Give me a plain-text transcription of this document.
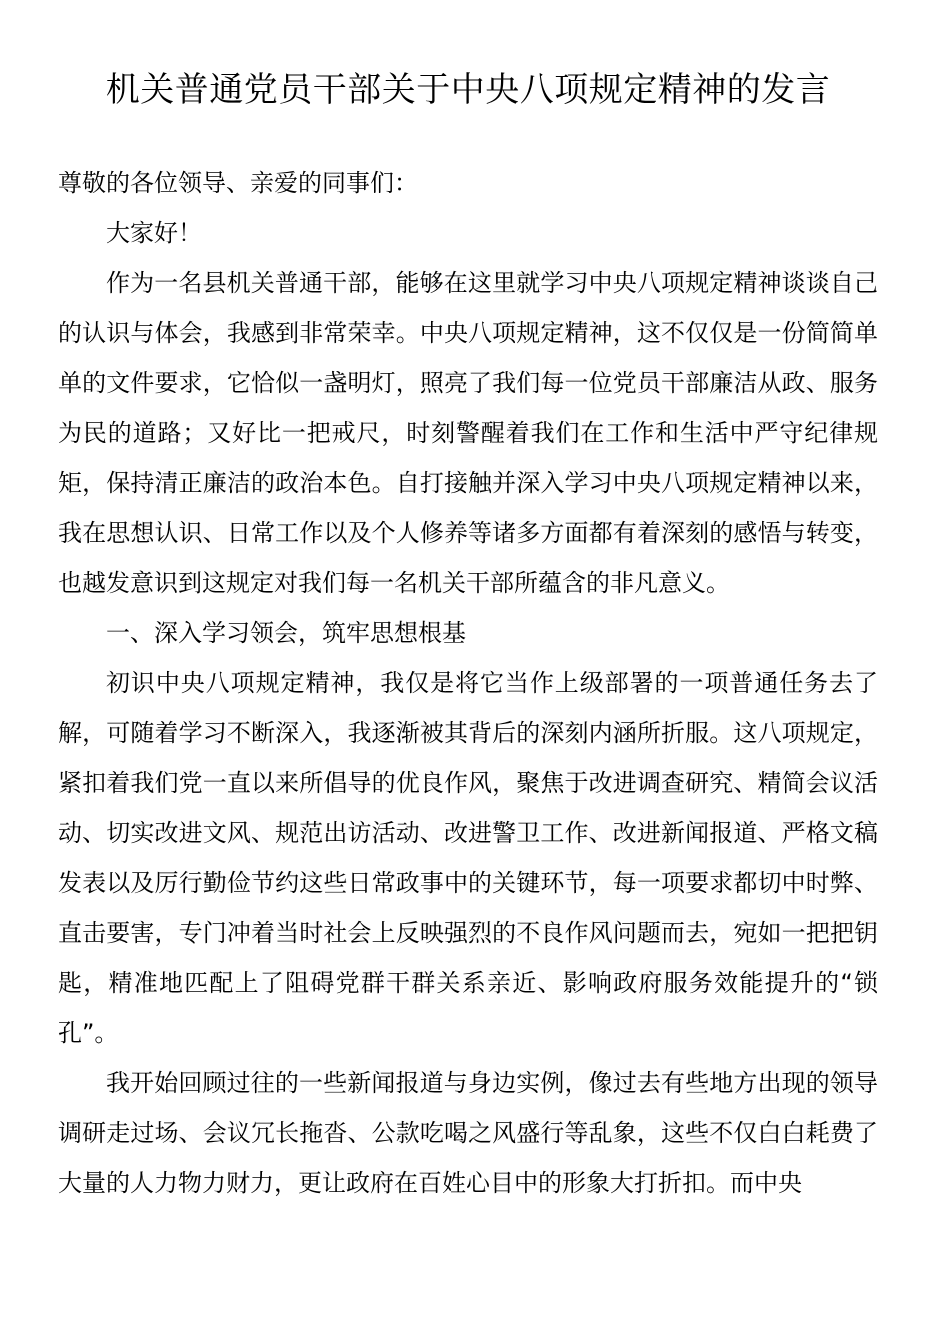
机关普通党员干部关于中央八项规定精神的发言

尊敬的各位领导、亲爱的同事们：

大家好！

作为一名县机关普通干部，能够在这里就学习中央八项规定精神谈谈自己的认识与体会，我感到非常荣幸。中央八项规定精神，这不仅仅是一份简简单单的文件要求，它恰似一盏明灯，照亮了我们每一位党员干部廉洁从政、服务为民的道路；又好比一把戒尺，时刻警醒着我们在工作和生活中严守纪律规矩，保持清正廉洁的政治本色。自打接触并深入学习中央八项规定精神以来，我在思想认识、日常工作以及个人修养等诸多方面都有着深刻的感悟与转变，也越发意识到这规定对我们每一名机关干部所蕴含的非凡意义。

一、深入学习领会，筑牢思想根基

初识中央八项规定精神，我仅是将它当作上级部署的一项普通任务去了解，可随着学习不断深入，我逐渐被其背后的深刻内涵所折服。这八项规定，紧扣着我们党一直以来所倡导的优良作风，聚焦于改进调查研究、精简会议活动、切实改进文风、规范出访活动、改进警卫工作、改进新闻报道、严格文稿发表以及厉行勤俭节约这些日常政事中的关键环节，每一项要求都切中时弊、直击要害，专门冲着当时社会上反映强烈的不良作风问题而去，宛如一把把钥匙，精准地匹配上了阻碍党群干群关系亲近、影响政府服务效能提升的“锁孔”。

我开始回顾过往的一些新闻报道与身边实例，像过去有些地方出现的领导调研走过场、会议冗长拖沓、公款吃喝之风盛行等乱象，这些不仅白白耗费了大量的人力物力财力，更让政府在百姓心目中的形象大打折扣。而中央
